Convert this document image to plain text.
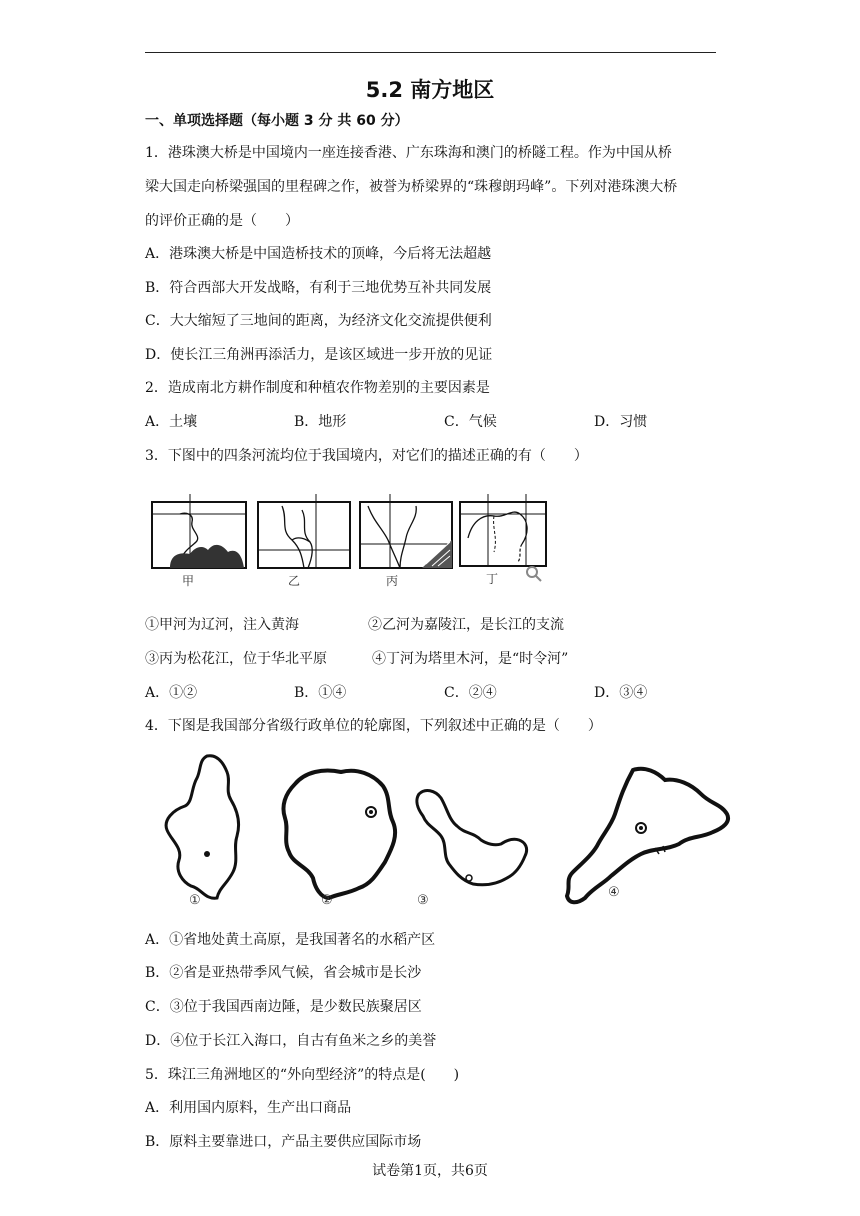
5.2 南方地区
一、单项选择题（每小题 3 分 共 60 分）
1．港珠澳大桥是中国境内一座连接香港、广东珠海和澳门的桥隧工程。作为中国从桥
梁大国走向桥梁强国的里程碑之作，被誉为桥梁界的“珠穆朗玛峰”。下列对港珠澳大桥
的评价正确的是（　　）
A．港珠澳大桥是中国造桥技术的顶峰，今后将无法超越
B．符合西部大开发战略，有利于三地优势互补共同发展
C．大大缩短了三地间的距离，为经济文化交流提供便利
D．使长江三角洲再添活力，是该区域进一步开放的见证
2．造成南北方耕作制度和种植农作物差别的主要因素是
A．土壤	B．地形	C．气候	D．习惯
3．下图中的四条河流均位于我国境内，对它们的描述正确的有（　　）
甲	乙	丙	丁
①甲河为辽河，注入黄海	②乙河为嘉陵江，是长江的支流
③丙为松花江，位于华北平原	④丁河为塔里木河，是“时令河”
A．①②	B．①④	C．②④	D．③④
4．下图是我国部分省级行政单位的轮廓图，下列叙述中正确的是（　　）
①	②	③
④
A．①省地处黄土高原，是我国著名的水稻产区
B．②省是亚热带季风气候，省会城市是长沙
C．③位于我国西南边陲，是少数民族聚居区
D．④位于长江入海口，自古有鱼米之乡的美誉
5．珠江三角洲地区的“外向型经济”的特点是(　　)
A．利用国内原料，生产出口商品
B．原料主要靠进口，产品主要供应国际市场
试卷第1页，共6页
